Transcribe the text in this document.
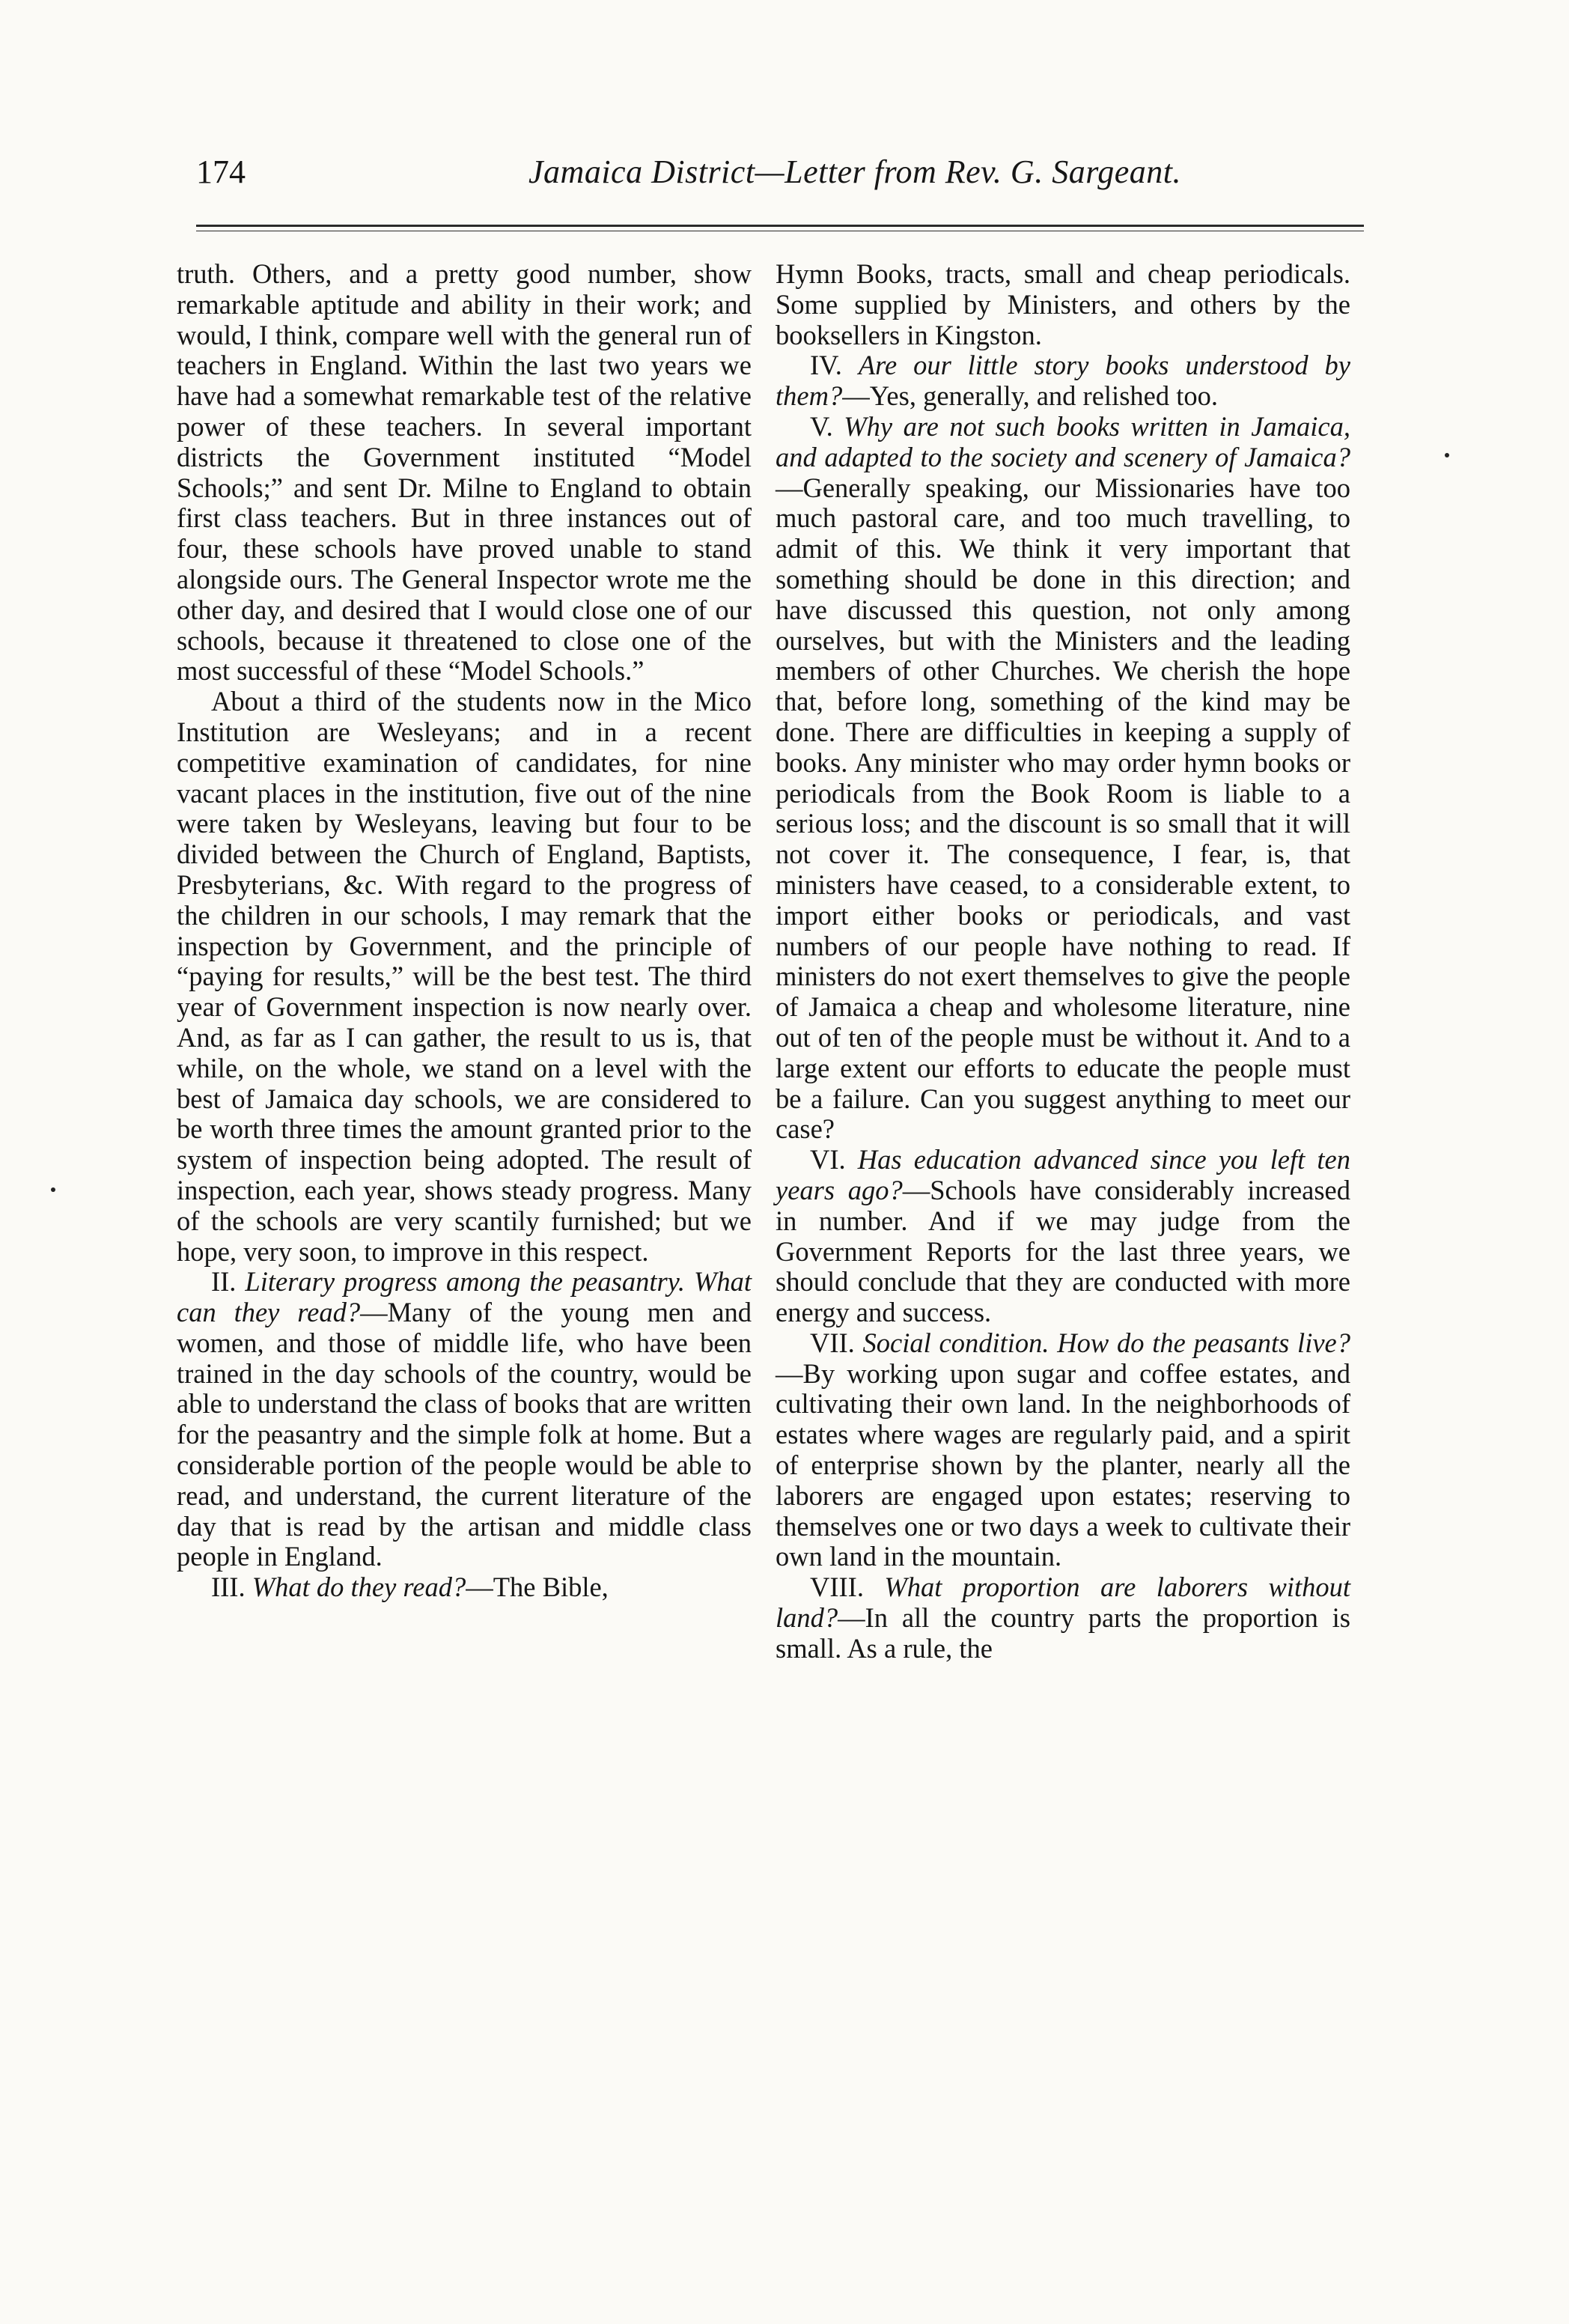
174	Jamaica District—Letter from Rev. G. Sargeant.

truth. Others, and a pretty good number, show remarkable aptitude and ability in their work; and would, I think, compare well with the general run of teachers in England. Within the last two years we have had a somewhat remarkable test of the relative power of these teachers. In several important districts the Government instituted “Model Schools;” and sent Dr. Milne to England to obtain first class teachers. But in three instances out of four, these schools have proved unable to stand alongside ours. The General Inspector wrote me the other day, and desired that I would close one of our schools, because it threatened to close one of the most successful of these “Model Schools.”

About a third of the students now in the Mico Institution are Wesleyans; and in a recent competitive examination of candidates, for nine vacant places in the institution, five out of the nine were taken by Wesleyans, leaving but four to be divided between the Church of England, Baptists, Presbyterians, &c. With regard to the progress of the children in our schools, I may remark that the inspection by Government, and the principle of “paying for results,” will be the best test. The third year of Government inspection is now nearly over. And, as far as I can gather, the result to us is, that while, on the whole, we stand on a level with the best of Jamaica day schools, we are considered to be worth three times the amount granted prior to the system of inspection being adopted. The result of inspection, each year, shows steady progress. Many of the schools are very scantily furnished; but we hope, very soon, to improve in this respect.

II. Literary progress among the peasantry. What can they read?—Many of the young men and women, and those of middle life, who have been trained in the day schools of the country, would be able to understand the class of books that are written for the peasantry and the simple folk at home. But a considerable portion of the people would be able to read, and understand, the current literature of the day that is read by the artisan and middle class people in England.

III. What do they read?—The Bible,

Hymn Books, tracts, small and cheap periodicals. Some supplied by Ministers, and others by the booksellers in Kingston.

IV. Are our little story books understood by them?—Yes, generally, and relished too.

V. Why are not such books written in Jamaica, and adapted to the society and scenery of Jamaica?—Generally speaking, our Missionaries have too much pastoral care, and too much travelling, to admit of this. We think it very important that something should be done in this direction; and have discussed this question, not only among ourselves, but with the Ministers and the leading members of other Churches. We cherish the hope that, before long, something of the kind may be done. There are difficulties in keeping a supply of books. Any minister who may order hymn books or periodicals from the Book Room is liable to a serious loss; and the discount is so small that it will not cover it. The consequence, I fear, is, that ministers have ceased, to a considerable extent, to import either books or periodicals, and vast numbers of our people have nothing to read. If ministers do not exert themselves to give the people of Jamaica a cheap and wholesome literature, nine out of ten of the people must be without it. And to a large extent our efforts to educate the people must be a failure. Can you suggest anything to meet our case?

VI. Has education advanced since you left ten years ago?—Schools have considerably increased in number. And if we may judge from the Government Reports for the last three years, we should conclude that they are conducted with more energy and success.

VII. Social condition. How do the peasants live?—By working upon sugar and coffee estates, and cultivating their own land. In the neighborhoods of estates where wages are regularly paid, and a spirit of enterprise shown by the planter, nearly all the laborers are engaged upon estates; reserving to themselves one or two days a week to cultivate their own land in the mountain.

VIII. What proportion are laborers without land?—In all the country parts the proportion is small. As a rule, the
